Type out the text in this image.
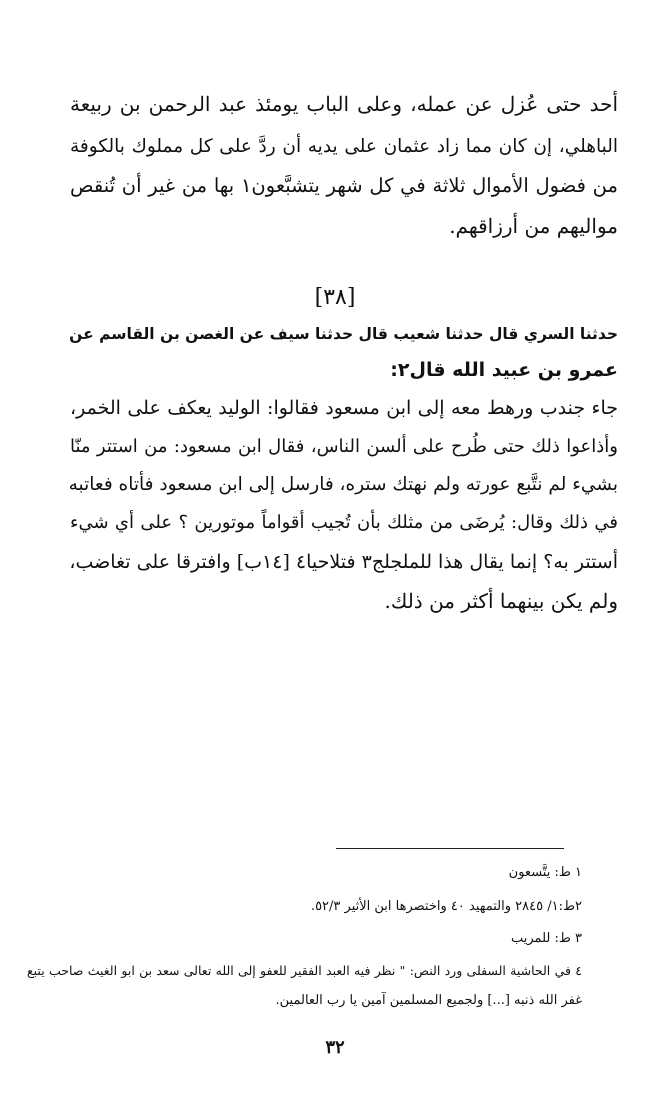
أحد حتى عُزل عن عمله، وعلى الباب يومئذ عبد الرحمن بن ربيعة
الباهلي، إن كان مما زاد عثمان على يديه أن ردَّ على كل مملوك بالكوفة
من فضول الأموال ثلاثة في كل شهر يتشبَّعون١ بها من غير أن تُنقص
مواليهم من أرزاقهم.
[٣٨]
حدثنا السري قال حدثنا شعيب قال حدثنا سيف عن الغصن بن القاسم عن
عمرو بن عبيد الله قال٢:
جاء جندب ورهط معه إلى ابن مسعود فقالوا: الوليد يعكف على الخمر،
وأذاعوا ذلك حتى طُرح على ألسن الناس، فقال ابن مسعود: من استتر منّا
بشيء لم نتَّبع عورته ولم نهتك ستره، فارسل إلى ابن مسعود فأتاه فعاتبه
في ذلك وقال: يُرضَى من مثلك بأن تُجيب أقواماً موتورين ؟ على أي شيء
أستتر به؟ إنما يقال هذا للملجلج٣ فتلاحيا٤ [١٤ب] وافترقا على تغاضب،
ولم يكن بينهما أكثر من ذلك.
١ ط: يتَّسعون
٢ط:١/ ٢٨٤٥ والتمهيد ٤٠ واختصرها ابن الأثير ٥٢/٣.
٣ ط: للمريب
٤ في الحاشية السفلى ورد النص: " نظر فيه العبد الفقير للعفو إلى الله تعالى سعد بن ابو الغيث صاحب يتبع
غفر الله ذنبه [...] ولجميع المسلمين آمين يا رب العالمين.
٣٢
